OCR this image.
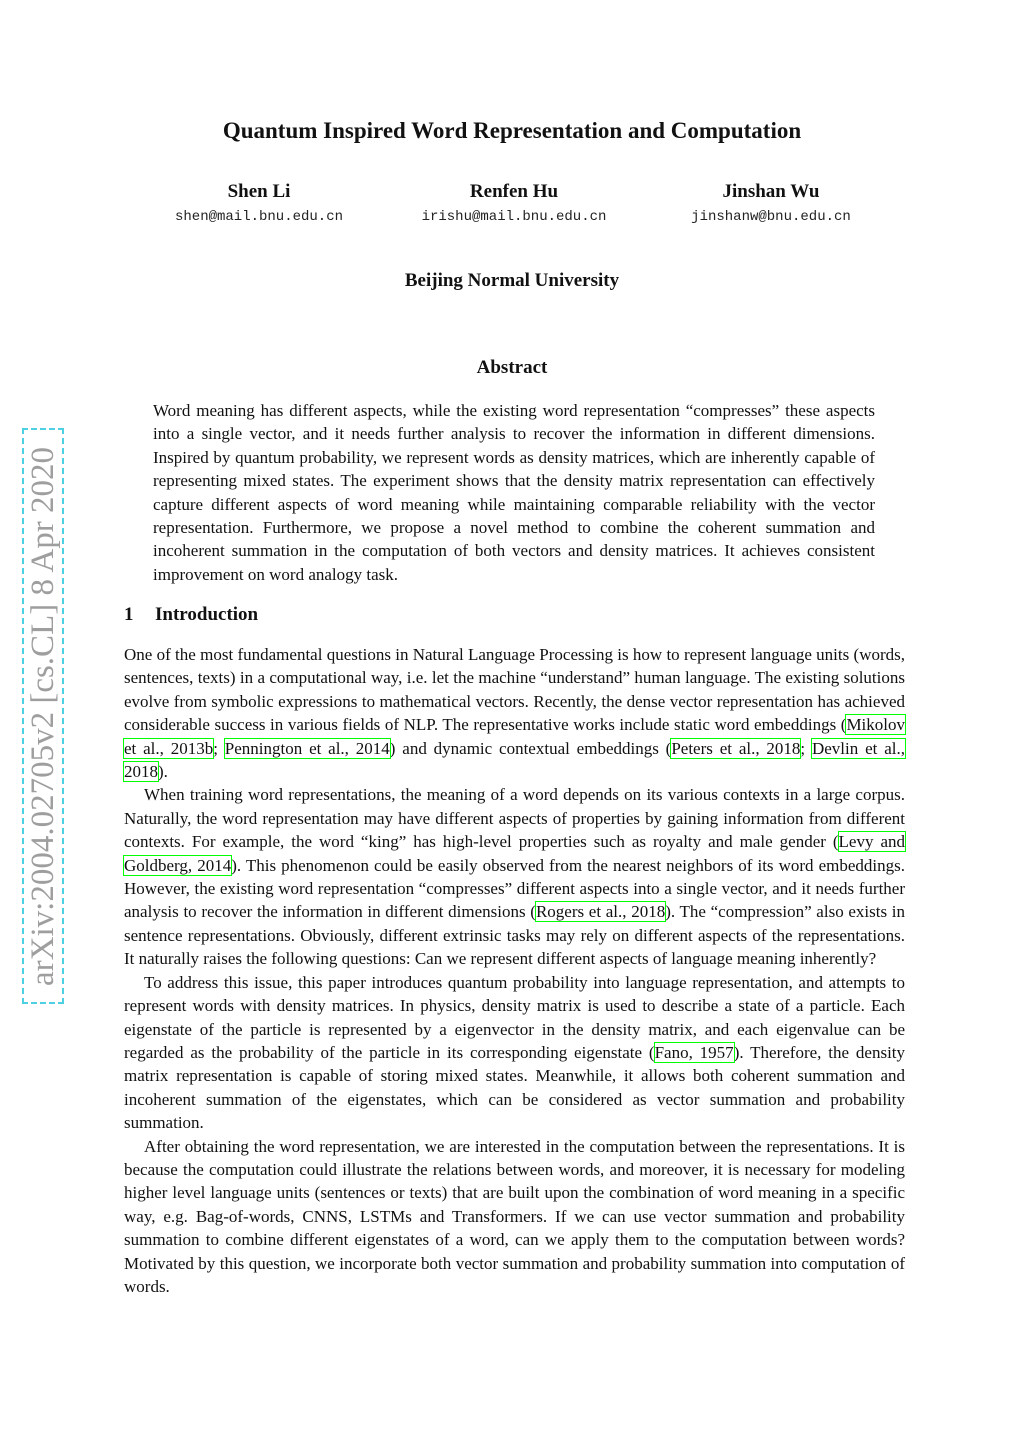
arXiv:2004.02705v2 [cs.CL] 8 Apr 2020
Quantum Inspired Word Representation and Computation
Shen Li
shen@mail.bnu.edu.cn
Renfen Hu
irishu@mail.bnu.edu.cn
Jinshan Wu
jinshanw@bnu.edu.cn
Beijing Normal University
Abstract

Word meaning has different aspects, while the existing word representation “compresses” these aspects into a single vector, and it needs further analysis to recover the information in different dimensions. Inspired by quantum probability, we represent words as density matrices, which are inherently capable of representing mixed states. The experiment shows that the density matrix representation can effectively capture different aspects of word meaning while maintaining comparable reliability with the vector representation. Furthermore, we propose a novel method to combine the coherent summation and incoherent summation in the computation of both vectors and density matrices. It achieves consistent improvement on word analogy task.

1 Introduction

One of the most fundamental questions in Natural Language Processing is how to represent language units (words, sentences, texts) in a computational way, i.e. let the machine “understand” human language. The existing solutions evolve from symbolic expressions to mathematical vectors. Recently, the dense vector representation has achieved considerable success in various fields of NLP. The representative works include static word embeddings (Mikolov et al., 2013b; Pennington et al., 2014) and dynamic contextual embeddings (Peters et al., 2018; Devlin et al., 2018).

When training word representations, the meaning of a word depends on its various contexts in a large corpus. Naturally, the word representation may have different aspects of properties by gaining information from different contexts. For example, the word “king” has high-level properties such as royalty and male gender (Levy and Goldberg, 2014). This phenomenon could be easily observed from the nearest neighbors of its word embeddings. However, the existing word representation “compresses” different aspects into a single vector, and it needs further analysis to recover the information in different dimensions (Rogers et al., 2018). The “compression” also exists in sentence representations. Obviously, different extrinsic tasks may rely on different aspects of the representations. It naturally raises the following questions: Can we represent different aspects of language meaning inherently?

To address this issue, this paper introduces quantum probability into language representation, and attempts to represent words with density matrices. In physics, density matrix is used to describe a state of a particle. Each eigenstate of the particle is represented by a eigenvector in the density matrix, and each eigenvalue can be regarded as the probability of the particle in its corresponding eigenstate (Fano, 1957). Therefore, the density matrix representation is capable of storing mixed states. Meanwhile, it allows both coherent summation and incoherent summation of the eigenstates, which can be considered as vector summation and probability summation.

After obtaining the word representation, we are interested in the computation between the representations. It is because the computation could illustrate the relations between words, and moreover, it is necessary for modeling higher level language units (sentences or texts) that are built upon the combination of word meaning in a specific way, e.g. Bag-of-words, CNNS, LSTMs and Transformers. If we can use vector summation and probability summation to combine different eigenstates of a word, can we apply them to the computation between words? Motivated by this question, we incorporate both vector summation and probability summation into computation of words.
